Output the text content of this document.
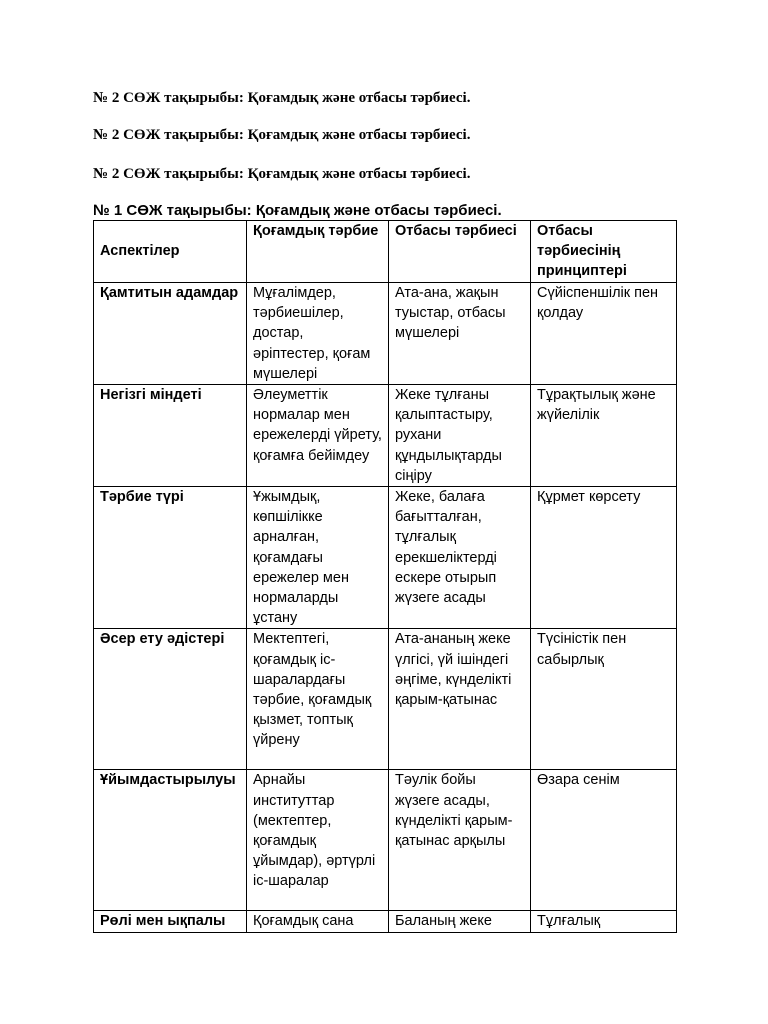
№ 2 СӨЖ тақырыбы: Қоғамдық және отбасы тәрбиесі.

№ 2 СӨЖ тақырыбы: Қоғамдық және отбасы тәрбиесі.

№ 2 СӨЖ тақырыбы: Қоғамдық және отбасы тәрбиесі.

№ 1 СӨЖ тақырыбы: Қоғамдық және отбасы тәрбиесі.

Аспектілер	Қоғамдық тәрбие	Отбасы тәрбиесі	Отбасы тәрбиесінің принциптері
Қамтитын адамдар	Мұғалімдер, тәрбиешілер, достар, әріптестер, қоғам мүшелері	Ата-ана, жақын туыстар, отбасы мүшелері	Сүйіспеншілік пен қолдау
Негізгі міндеті	Әлеуметтік нормалар мен ережелерді үйрету, қоғамға бейімдеу	Жеке тұлғаны қалыптастыру, рухани құндылықтарды сіңіру	Тұрақтылық және жүйелілік
Тәрбие түрі	Ұжымдық, көпшілікке арналған, қоғамдағы ережелер мен нормаларды ұстану	Жеке, балаға бағытталған, тұлғалық ерекшеліктерді ескере отырып жүзеге асады	Құрмет көрсету
Әсер ету әдістері	Мектептегі, қоғамдық іс-шаралардағы тәрбие, қоғамдық қызмет, топтық үйрену	Ата-ананың жеке үлгісі, үй ішіндегі әңгіме, күнделікті қарым-қатынас	Түсіністік пен сабырлық
Ұйымдастырылуы	Арнайы институттар (мектептер, қоғамдық ұйымдар), әртүрлі іс-шаралар	Тәулік бойы жүзеге асады, күнделікті қарым-қатынас арқылы	Өзара сенім
Рөлі мен ықпалы	Қоғамдық сана	Баланың жеке	Тұлғалық
